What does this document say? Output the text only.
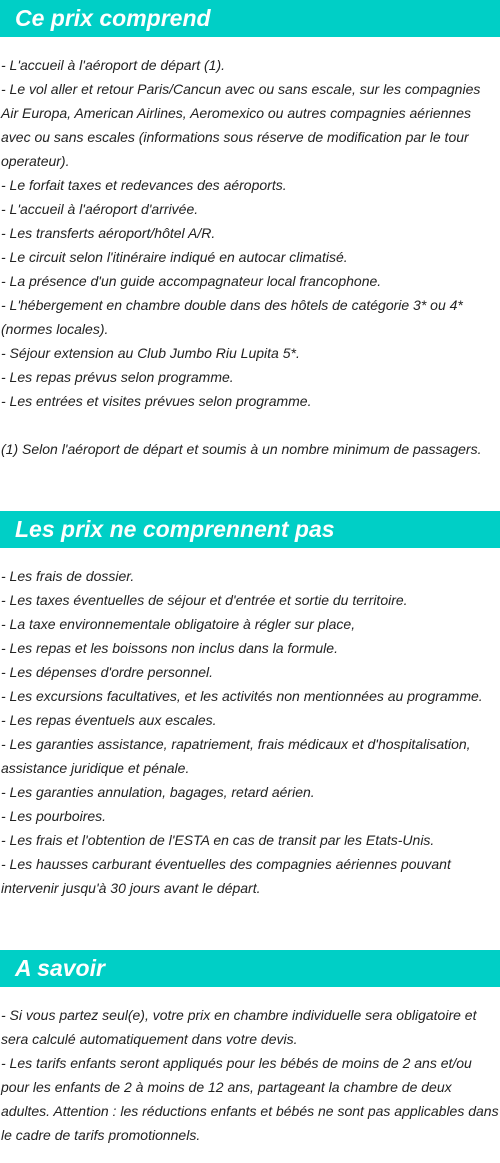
Ce prix comprend
- L'accueil à l'aéroport de départ (1).
- Le vol aller et retour Paris/Cancun avec ou sans escale, sur les compagnies Air Europa, American Airlines, Aeromexico ou autres compagnies aériennes avec ou sans escales (informations sous réserve de modification par le tour operateur).
- Le forfait taxes et redevances des aéroports.
- L'accueil à l'aéroport d'arrivée.
- Les transferts aéroport/hôtel A/R.
- Le circuit selon l'itinéraire indiqué en autocar climatisé.
- La présence d'un guide accompagnateur local francophone.
- L'hébergement en chambre double dans des hôtels de catégorie 3* ou 4* (normes locales).
- Séjour extension au Club Jumbo Riu Lupita 5*.
- Les repas prévus selon programme.
- Les entrées et visites prévues selon programme.

(1) Selon l'aéroport de départ et soumis à un nombre minimum de passagers.

Les prix ne comprennent pas
- Les frais de dossier.
- Les taxes éventuelles de séjour et d'entrée et sortie du territoire.
- La taxe environnementale obligatoire à régler sur place,
- Les repas et les boissons non inclus dans la formule.
- Les dépenses d'ordre personnel.
- Les excursions facultatives, et les activités non mentionnées au programme.
- Les repas éventuels aux escales.
- Les garanties assistance, rapatriement, frais médicaux et d'hospitalisation, assistance juridique et pénale.
- Les garanties annulation, bagages, retard aérien.
- Les pourboires.
- Les frais et l'obtention de l'ESTA en cas de transit par les Etats-Unis.
- Les hausses carburant éventuelles des compagnies aériennes pouvant intervenir jusqu'à 30 jours avant le départ.
A savoir
- Si vous partez seul(e), votre prix en chambre individuelle sera obligatoire et sera calculé automatiquement dans votre devis.
- Les tarifs enfants seront appliqués pour les bébés de moins de 2 ans et/ou pour les enfants de 2 à moins de 12 ans, partageant la chambre de deux adultes. Attention : les réductions enfants et bébés ne sont pas applicables dans le cadre de tarifs promotionnels.
